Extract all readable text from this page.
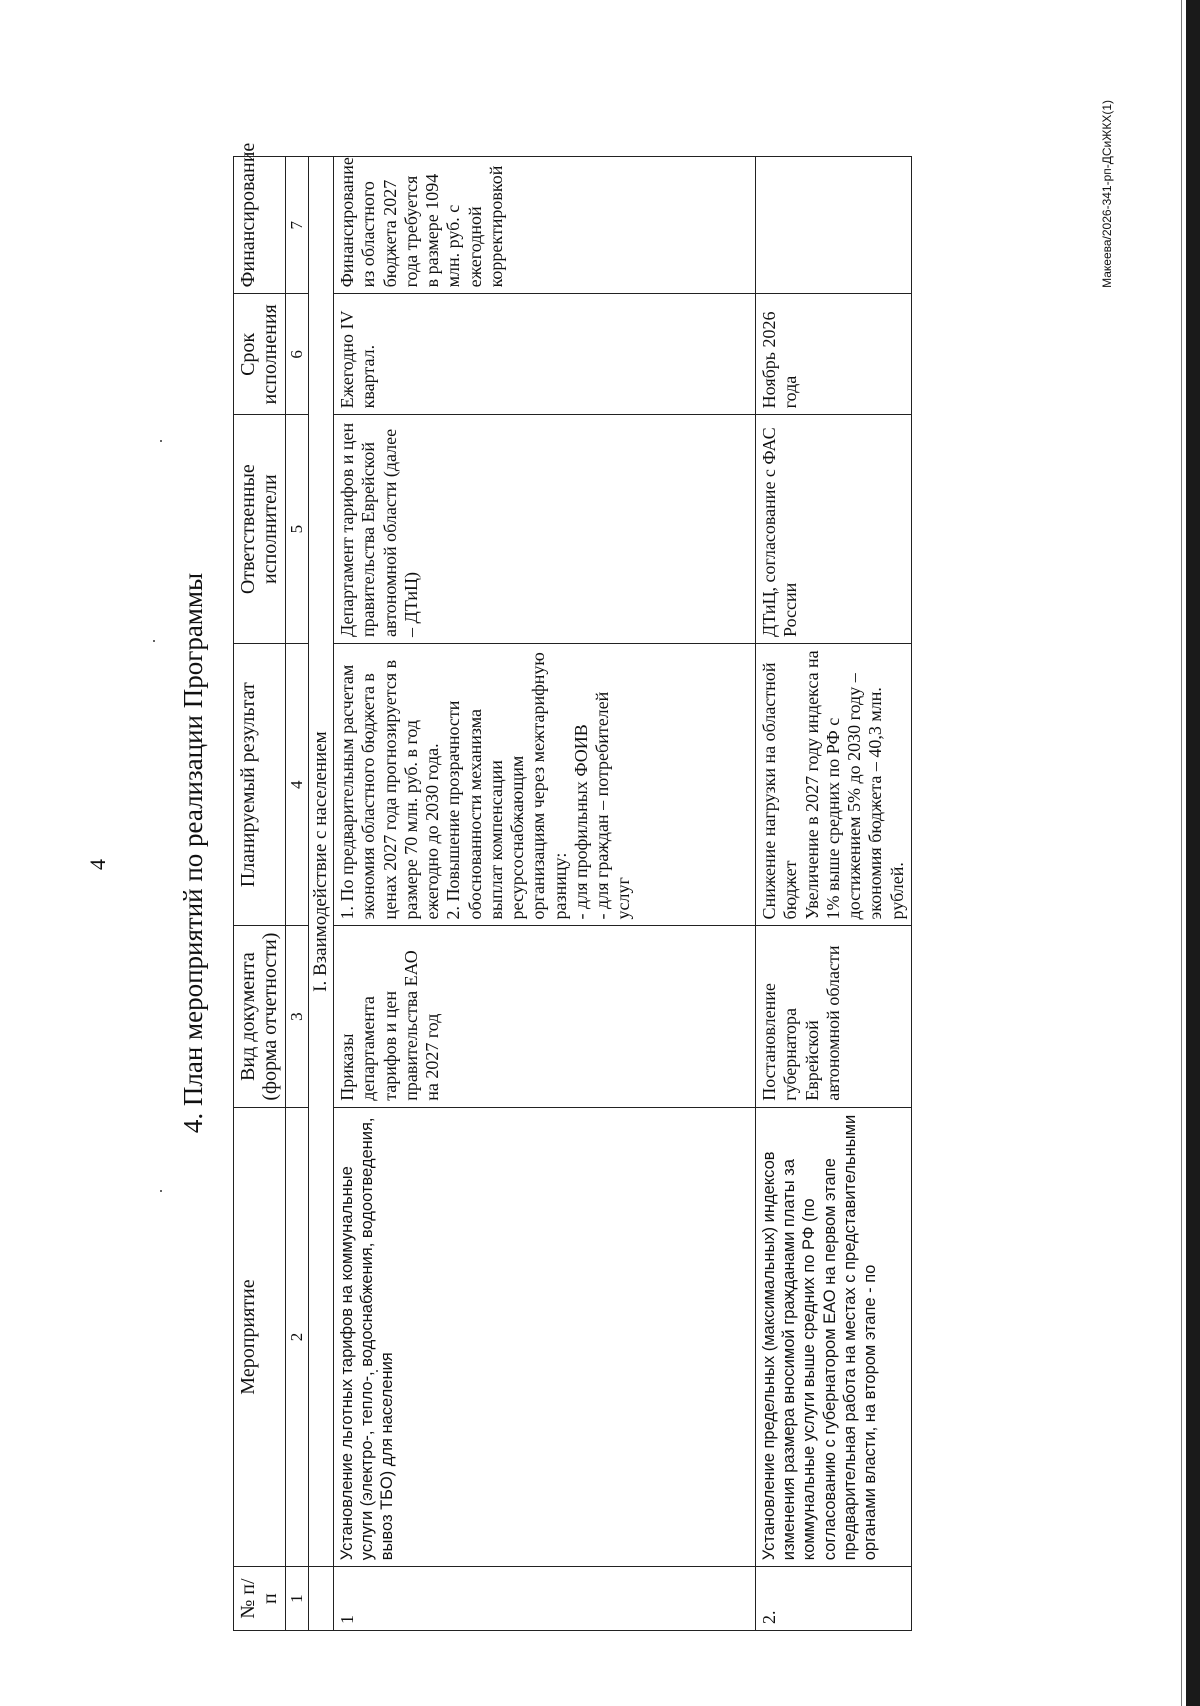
4	4. План мероприятий по реализации Программы
№ п/п	Мероприятие	Вид документа (форма отчетности)	Планируемый результат	Ответственные исполнители	Срок исполнения	Финансирование
1	2	3	4	5	6	7
	I. Взаимодействие с населением					
1	Установление льготных тарифов на коммунальные услуги (электро-, тепло-, водоснабжения, водоотведения, вывоз ТБО) для населения	Приказы департамента тарифов и цен правительства ЕАО на 2027 год	1. По предварительным расчетам экономия областного бюджета в ценах 2027 года прогнозируется в размере 70 млн. руб. в год ежегодно до 2030 года. 2. Повышение прозрачности обоснованности механизма выплат компенсации ресурсоснабжающим организациям через межтарифную разницу: - для профильных ФОИВ - для граждан – потребителей услуг	Департамент тарифов и цен правительства Еврейской автономной области (далее – ДТиЦ)	Ежегодно IV квартал.	Финансирование из областного бюджета 2027 года требуется в размере 1094 млн. руб. с ежегодной корректировкой
2.	Установление предельных (максимальных) индексов изменения размера вносимой гражданами платы за коммунальные услуги выше средних по РФ (по согласованию с губернатором ЕАО на первом этапе предварительная работа на местах с представительными органами власти, на втором этапе - по	Постановление губернатора Еврейской автономной области	Снижение нагрузки на областной бюджет Увеличение в 2027 году индекса на 1% выше средних по РФ с достижением 5% до 2030 году – экономия бюджета – 40,3 млн. рублей.	ДТиЦ, согласование с ФАС России	Ноябрь 2026 года	
Макеева/2026-341-рп-ДСиЖКХ(1)
